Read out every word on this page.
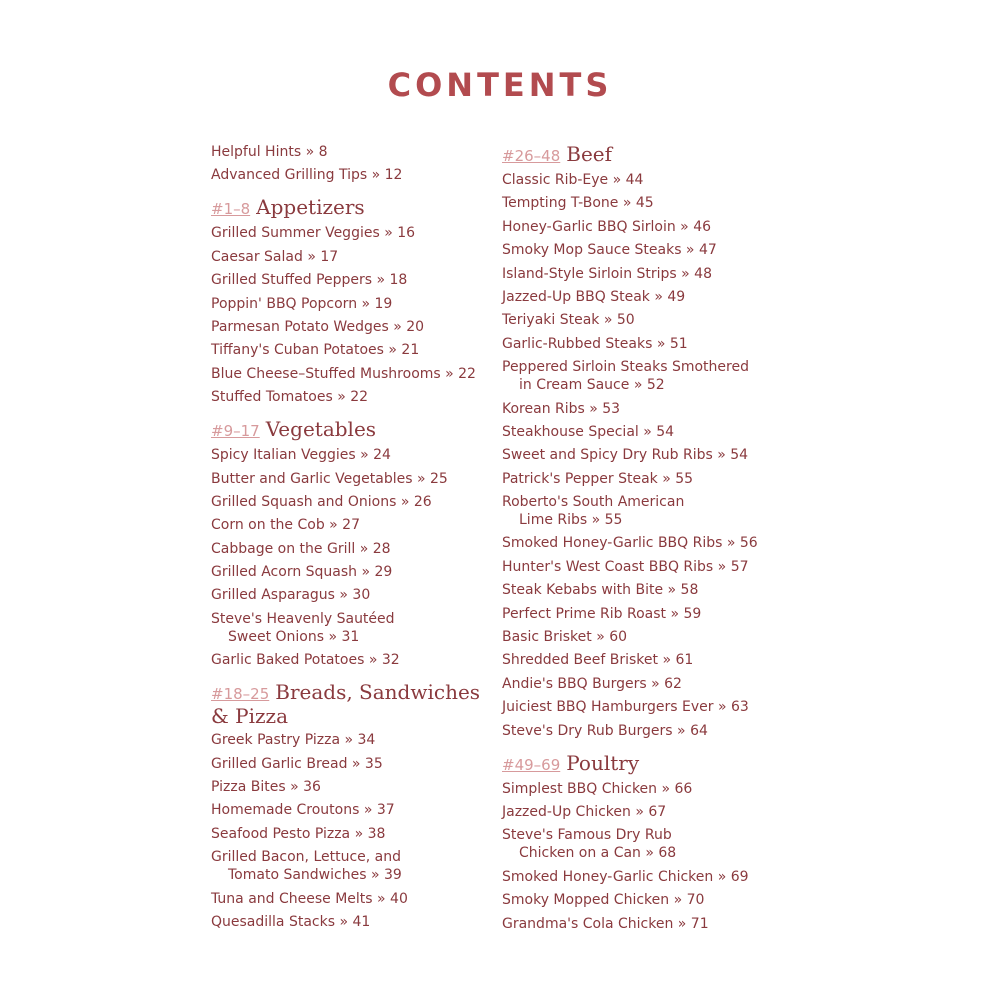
CONTENTS
Helpful Hints » 8
Advanced Grilling Tips » 12
#1–8 Appetizers
Grilled Summer Veggies » 16
Caesar Salad » 17
Grilled Stuffed Peppers » 18
Poppin' BBQ Popcorn » 19
Parmesan Potato Wedges » 20
Tiffany's Cuban Potatoes » 21
Blue Cheese–Stuffed Mushrooms » 22
Stuffed Tomatoes » 22
#9–17 Vegetables
Spicy Italian Veggies » 24
Butter and Garlic Vegetables » 25
Grilled Squash and Onions » 26
Corn on the Cob » 27
Cabbage on the Grill » 28
Grilled Acorn Squash » 29
Grilled Asparagus » 30
Steve's Heavenly Sautéed
Sweet Onions » 31
Garlic Baked Potatoes » 32
#18–25 Breads, Sandwiches & Pizza
Greek Pastry Pizza » 34
Grilled Garlic Bread » 35
Pizza Bites » 36
Homemade Croutons » 37
Seafood Pesto Pizza » 38
Grilled Bacon, Lettuce, and
Tomato Sandwiches » 39
Tuna and Cheese Melts » 40
Quesadilla Stacks » 41
#26–48 Beef
Classic Rib-Eye » 44
Tempting T-Bone » 45
Honey-Garlic BBQ Sirloin » 46
Smoky Mop Sauce Steaks » 47
Island-Style Sirloin Strips » 48
Jazzed-Up BBQ Steak » 49
Teriyaki Steak » 50
Garlic-Rubbed Steaks » 51
Peppered Sirloin Steaks Smothered
in Cream Sauce » 52
Korean Ribs » 53
Steakhouse Special » 54
Sweet and Spicy Dry Rub Ribs » 54
Patrick's Pepper Steak » 55
Roberto's South American
Lime Ribs » 55
Smoked Honey-Garlic BBQ Ribs » 56
Hunter's West Coast BBQ Ribs » 57
Steak Kebabs with Bite » 58
Perfect Prime Rib Roast » 59
Basic Brisket » 60
Shredded Beef Brisket » 61
Andie's BBQ Burgers » 62
Juiciest BBQ Hamburgers Ever » 63
Steve's Dry Rub Burgers » 64
#49–69 Poultry
Simplest BBQ Chicken » 66
Jazzed-Up Chicken » 67
Steve's Famous Dry Rub
Chicken on a Can » 68
Smoked Honey-Garlic Chicken » 69
Smoky Mopped Chicken » 70
Grandma's Cola Chicken » 71
